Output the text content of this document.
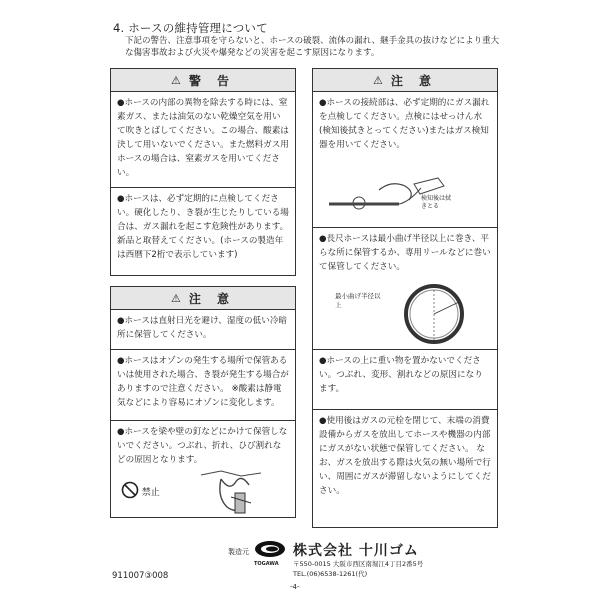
4. ホースの維持管理について
下記の警告、注意事項を守らないと、ホースの破裂、流体の漏れ、継手金具の抜けなどにより重大な傷害事故および火災や爆発などの災害を起こす原因になります。
⚠ 警 告

●ホースの内部の異物を除去する時には、窒素ガス、または油気のない乾燥空気を用いて吹きとばしてください。この場合、酸素は決して用いないでください。また燃料ガス用ホースの場合は、窒素ガスを用いてください。

●ホースは、必ず定期的に点検してください。硬化したり、き裂が生じたりしている場合は、ガス漏れを起こす危険性があります。新品と取替えてください。(ホースの製造年は西暦下2桁で表示しています)

⚠ 注 意

●ホースは直射日光を避け、湿度の低い冷暗所に保管してください。

●ホースはオゾンの発生する場所で保管あるいは使用された場合、き裂が発生する場合がありますので注意ください。 ※酸素は静電気などにより容易にオゾンに変化します。

●ホースを梁や壁の釘などにかけて保管しないでください。つぶれ、折れ、ひび割れなどの原因となります。

禁止
⚠ 注 意

●ホースの接続部は、必ず定期的にガス漏れを点検してください。点検にはせっけん水(検知後拭きとってください)またはガス検知器を用いてください。

検知後は拭きとる

●長尺ホースは最小曲げ半径以上に巻き、平らな所に保管するか、専用リールなどに巻いて保管してください。

最小曲げ半径以上

●ホースの上に重い物を置かないでください。つぶれ、変形、割れなどの原因になります。

●使用後はガスの元栓を閉じて、末端の消費設備からガスを放出してホースや機器の内部にガスがない状態で保管してください。 なお、ガスを放出する際は火気の無い場所で行い、周囲にガスが滞留しないようにしてください。

製造元
TOGAWA
株式会社 十川ゴム
〒550-0015 大阪市西区南堀江4丁目2番5号
TEL.(06)6538-1261(代)
911007③008
-4-
